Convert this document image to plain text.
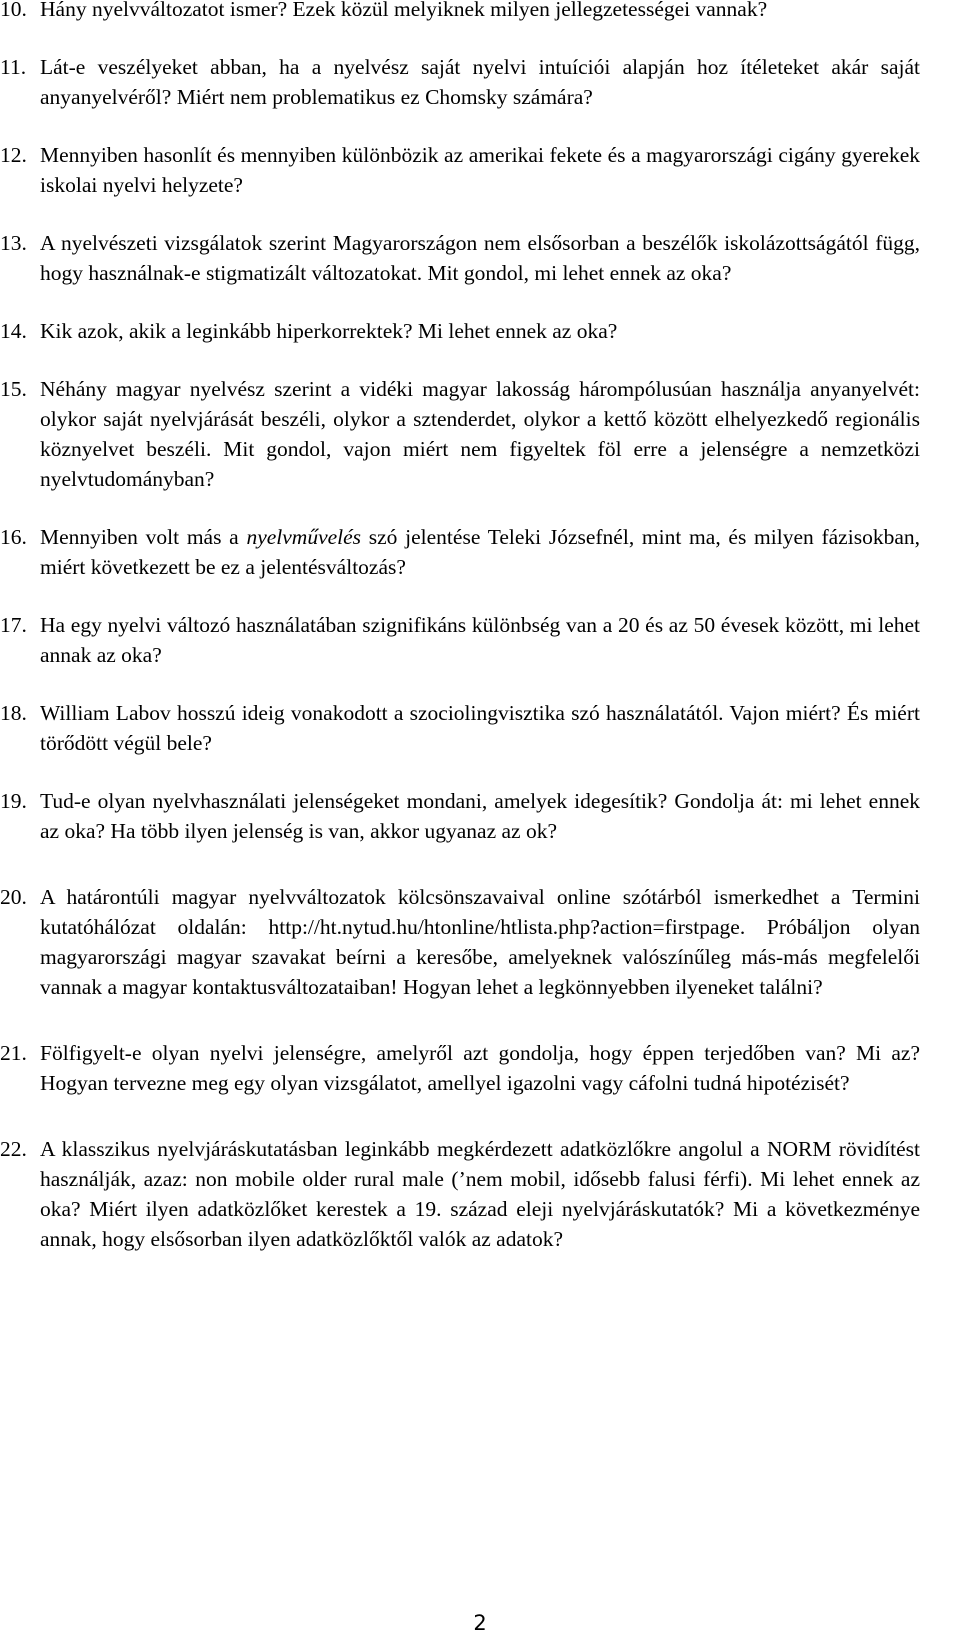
10. Hány nyelvváltozatot ismer? Ezek közül melyiknek milyen jellegzetességei vannak?
11. Lát-e veszélyeket abban, ha a nyelvész saját nyelvi intuíciói alapján hoz ítéleteket akár saját anyanyelvéről? Miért nem problematikus ez Chomsky számára?
12. Mennyiben hasonlít és mennyiben különbözik az amerikai fekete és a magyarországi cigány gyerekek iskolai nyelvi helyzete?
13. A nyelvészeti vizsgálatok szerint Magyarországon nem elsősorban a beszélők iskolázottságától függ, hogy használnak-e stigmatizált változatokat. Mit gondol, mi lehet ennek az oka?
14. Kik azok, akik a leginkább hiperkorrektek? Mi lehet ennek az oka?
15. Néhány magyar nyelvész szerint a vidéki magyar lakosság hárompólusúan használja anyanyelvét: olykor saját nyelvjárását beszéli, olykor a sztenderdet, olykor a kettő között elhelyezkedő regionális köznyelvet beszéli. Mit gondol, vajon miért nem figyeltek föl erre a jelenségre a nemzetközi nyelvtudományban?
16. Mennyiben volt más a nyelvművelés szó jelentése Teleki Józsefnél, mint ma, és milyen fázisokban, miért következett be ez a jelentésváltozás?
17. Ha egy nyelvi változó használatában szignifikáns különbség van a 20 és az 50 évesek között, mi lehet annak az oka?
18. William Labov hosszú ideig vonakodott a szociolingvisztika szó használatától. Vajon miért? És miért törődött végül bele?
19. Tud-e olyan nyelvhasználati jelenségeket mondani, amelyek idegesítik? Gondolja át: mi lehet ennek az oka? Ha több ilyen jelenség is van, akkor ugyanaz az ok?
20. A határontúli magyar nyelvváltozatok kölcsönszavaival online szótárból ismerkedhet a Termini kutatóhálózat oldalán: http://ht.nytud.hu/htonline/htlista.php?action=firstpage. Próbáljon olyan magyarországi magyar szavakat beírni a keresőbe, amelyeknek valószínűleg más-más megfelelői vannak a magyar kontaktusváltozataiban! Hogyan lehet a legkönnyebben ilyeneket találni?
21. Fölfigyelt-e olyan nyelvi jelenségre, amelyről azt gondolja, hogy éppen terjedőben van? Mi az? Hogyan tervezne meg egy olyan vizsgálatot, amellyel igazolni vagy cáfolni tudná hipotézisét?
22. A klasszikus nyelvjáráskutatásban leginkább megkérdezett adatközlőkre angolul a NORM rövidítést használják, azaz: non mobile older rural male (’nem mobil, idősebb falusi férfi). Mi lehet ennek az oka? Miért ilyen adatközlőket kerestek a 19. század eleji nyelvjáráskutatók? Mi a következménye annak, hogy elsősorban ilyen adatközlőktől valók az adatok?
2
